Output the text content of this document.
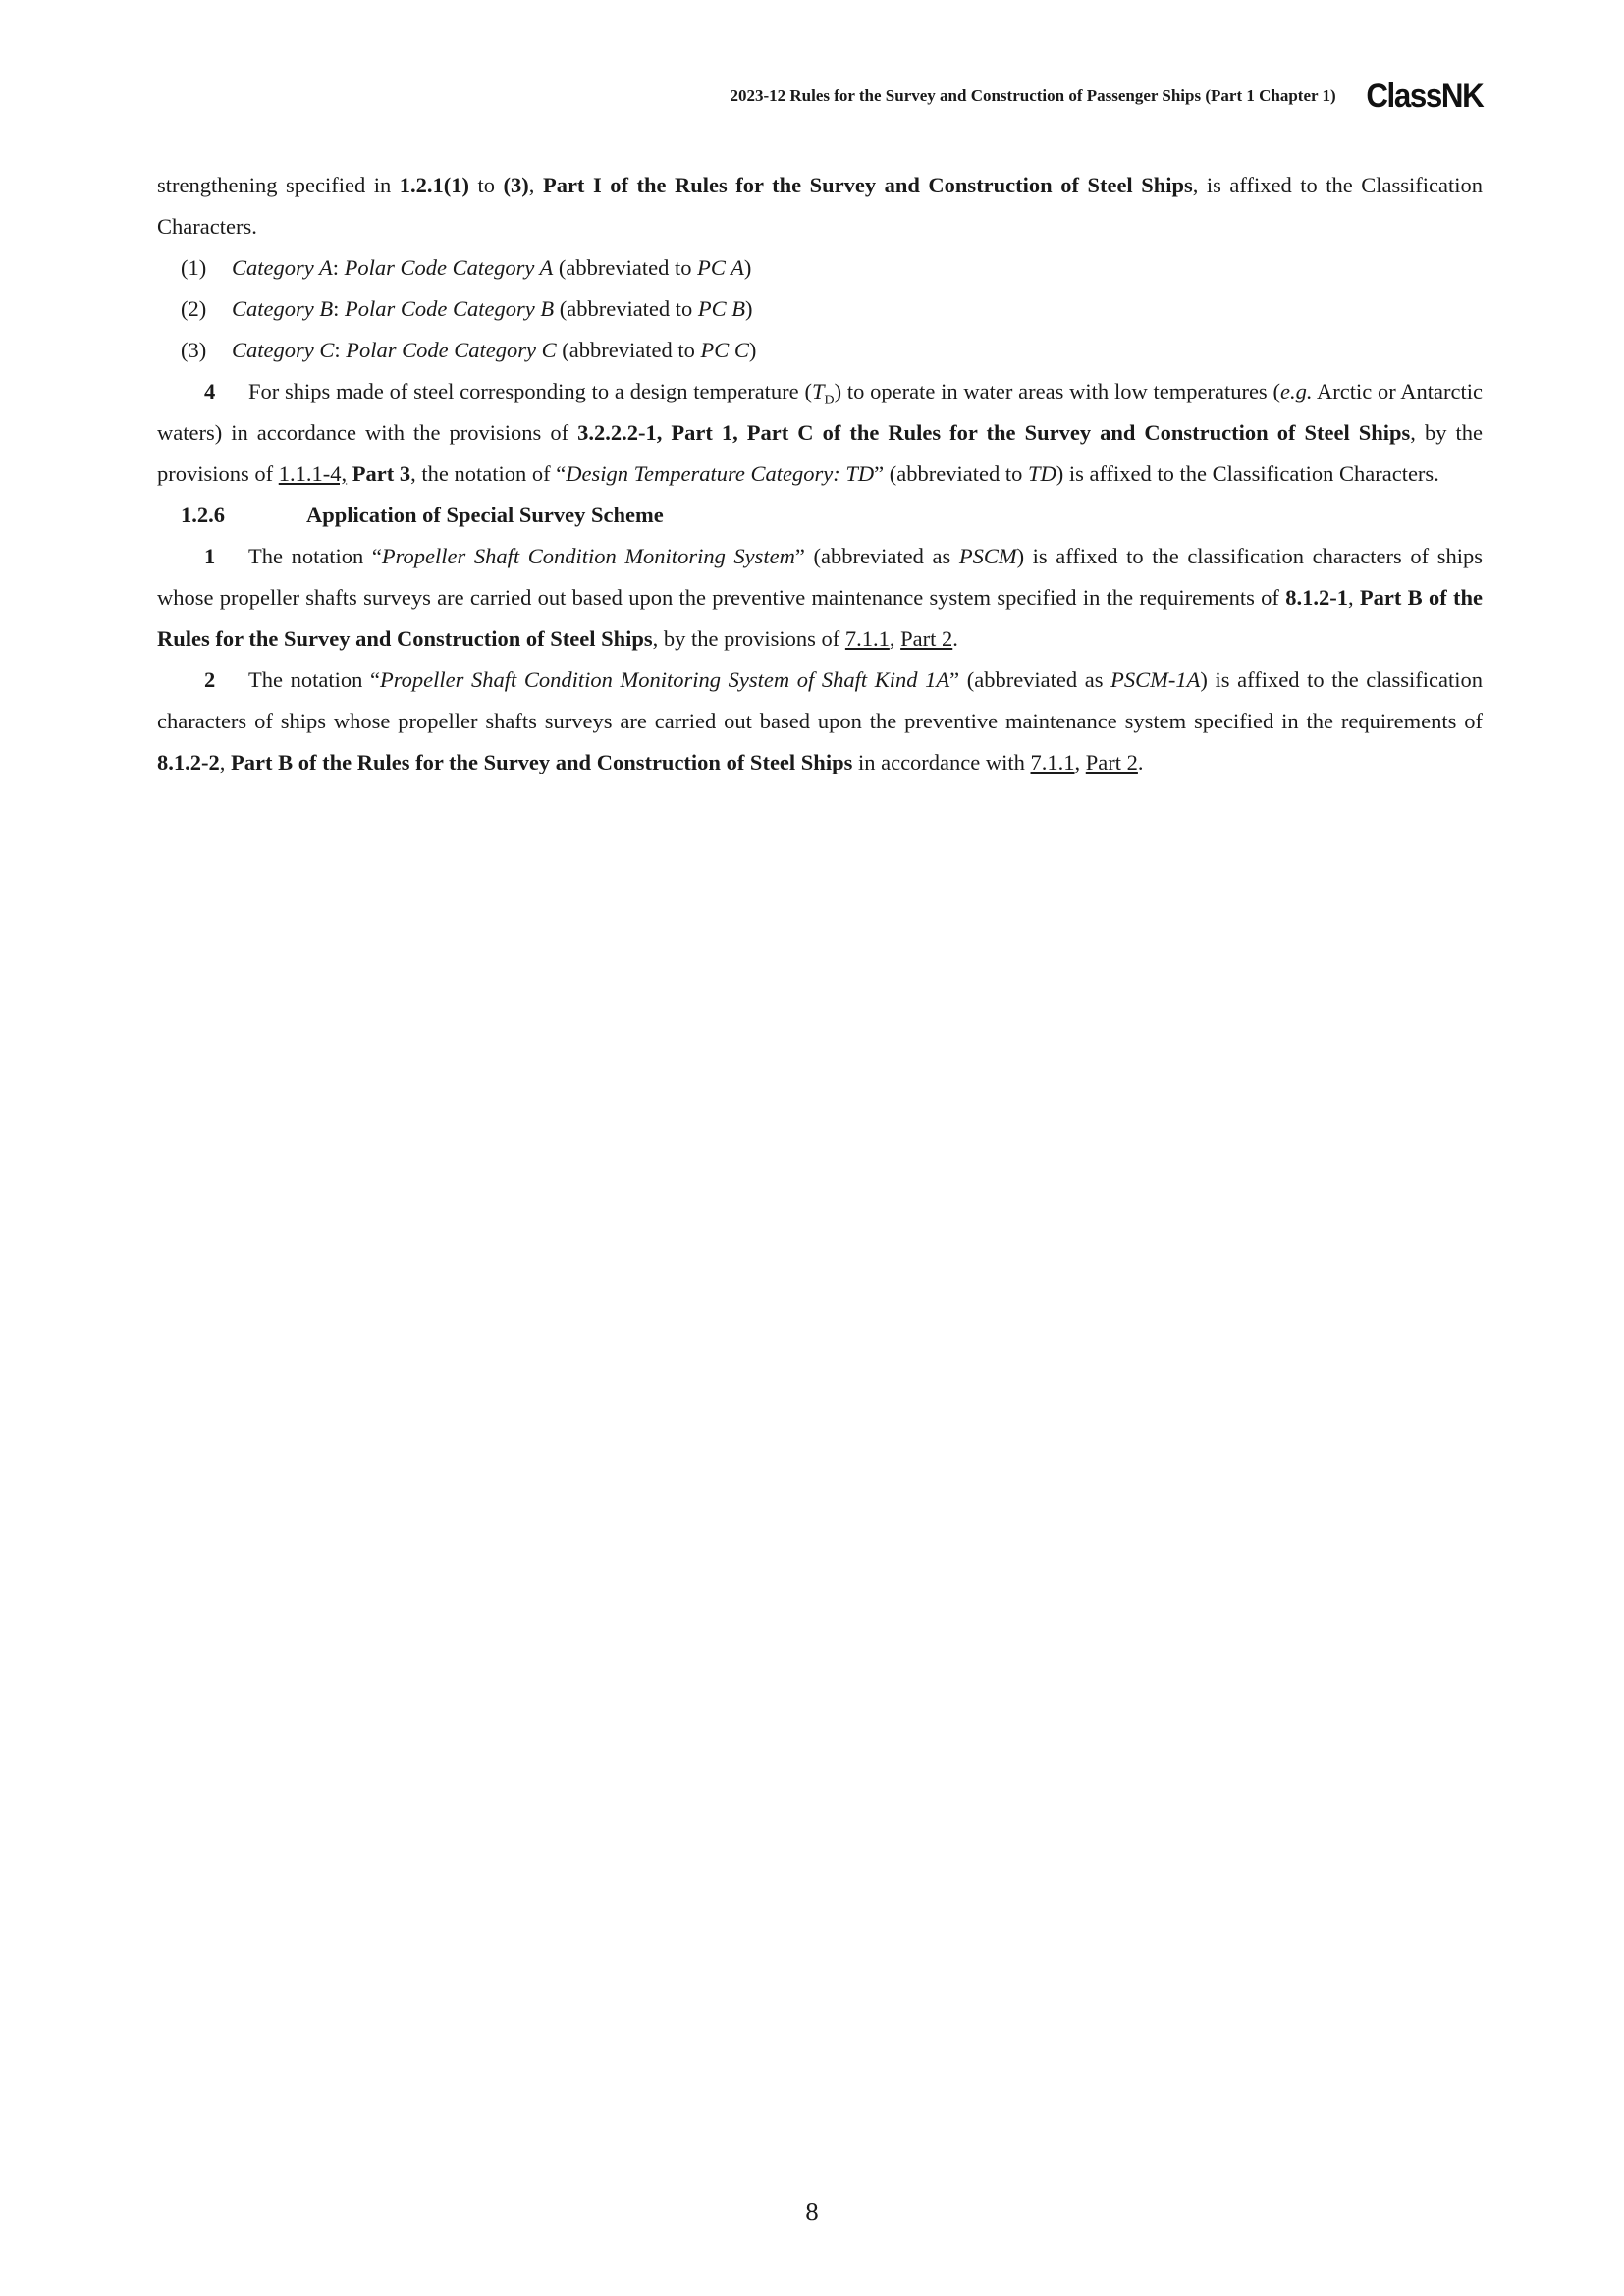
2023-12 Rules for the Survey and Construction of Passenger Ships (Part 1 Chapter 1) ClassNK

strengthening specified in 1.2.1(1) to (3), Part I of the Rules for the Survey and Construction of Steel Ships, is affixed to the Classification Characters.

(1)	Category A: Polar Code Category A (abbreviated to PC A)
(2)	Category B: Polar Code Category B (abbreviated to PC B)
(3)	Category C: Polar Code Category C (abbreviated to PC C)

4   For ships made of steel corresponding to a design temperature $(T_D)$ to operate in water areas with low temperatures (e.g. Arctic or Antarctic waters) in accordance with the provisions of 3.2.2.2-1, Part 1, Part C of the Rules for the Survey and Construction of Steel Ships, by the provisions of 1.1.1-4, Part 3, the notation of “Design Temperature Category: TD” (abbreviated to TD) is affixed to the Classification Characters.

1.2.6	Application of Special Survey Scheme

1   The notation “Propeller Shaft Condition Monitoring System” (abbreviated as PSCM) is affixed to the classification characters of ships whose propeller shafts surveys are carried out based upon the preventive maintenance system specified in the requirements of 8.1.2-1, Part B of the Rules for the Survey and Construction of Steel Ships, by the provisions of 7.1.1, Part 2.

2   The notation “Propeller Shaft Condition Monitoring System of Shaft Kind 1A” (abbreviated as PSCM-1A) is affixed to the classification characters of ships whose propeller shafts surveys are carried out based upon the preventive maintenance system specified in the requirements of 8.1.2-2, Part B of the Rules for the Survey and Construction of Steel Ships in accordance with 7.1.1, Part 2.

8
